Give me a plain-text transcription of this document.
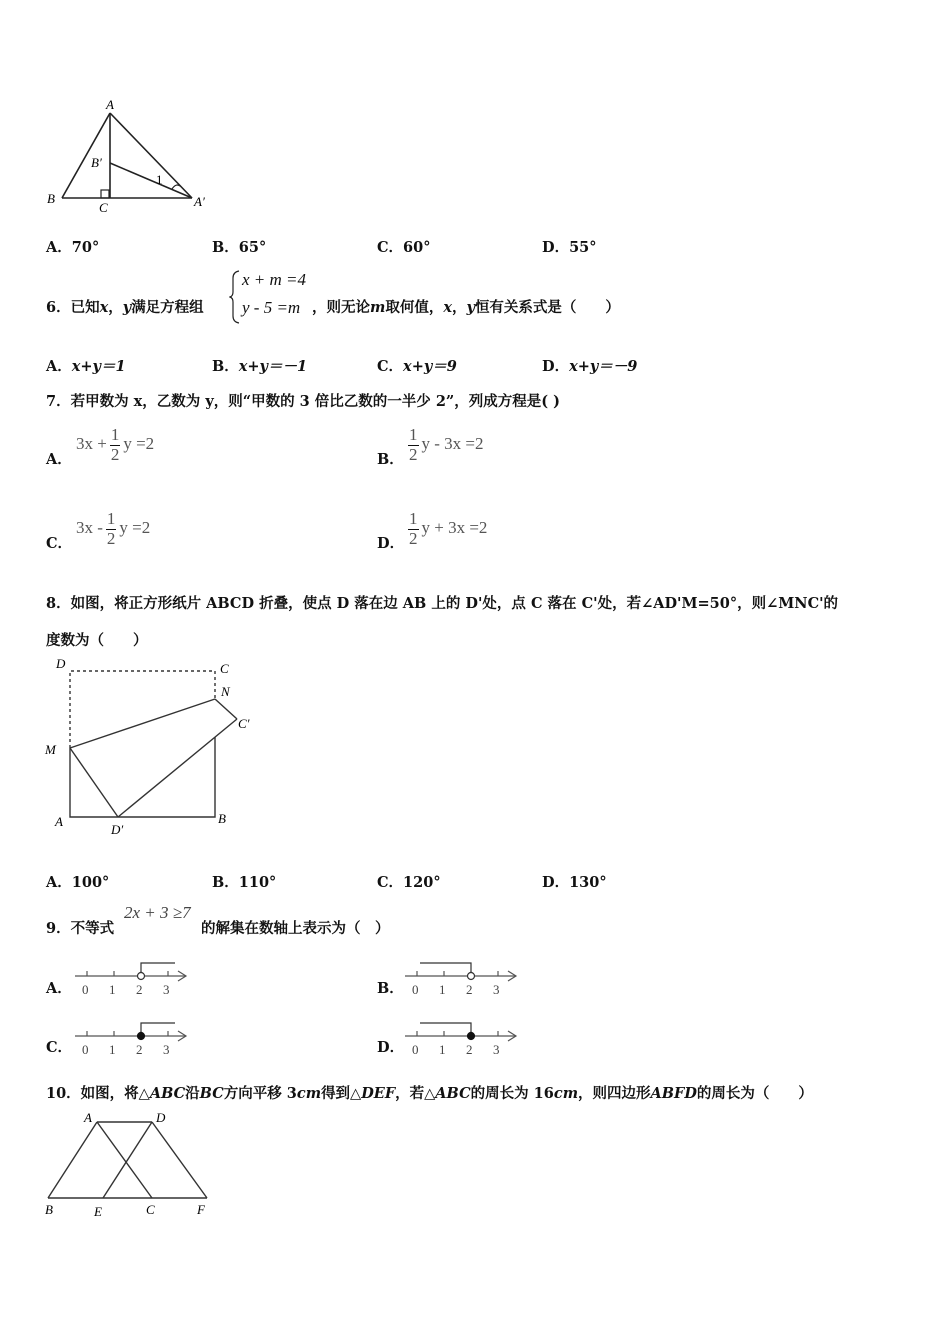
A
B
B′
C	A′
1
A．70°	B．65°	C．60°	D．55°
6．已知x，y满足方程组
x + m =4
y - 5 =m ，则无论m取何值，x，y恒有关系式是（　　）
A．x+y＝1	B．x+y＝－1	C．x+y＝9	D．x+y＝－9
7．若甲数为 x，乙数为 y，则“甲数的 3 倍比乙数的一半少 2”，列成方程是( )
A．
$3x + \frac{1}{2}$ y =2
B． $\frac{1}{2}$ y - 3x =2
C．
$3x - \frac{1}{2}$ y =2
D． $\frac{1}{2}$ y + 3x =2
8．如图，将正方形纸片 ABCD 折叠，使点 D 落在边 AB 上的 D'处，点 C 落在 C'处，若∠AD'M=50°，则∠MNC'的
度数为（　　）
D	C
N
C′
M
A
D′
B
A．100°	B．110°	C．120°	D．130°
9．不等式
2x + 3 ≥7
的解集在数轴上表示为（　）
A． 0 1 2 3	B． 0 1 2 3
C． 0 1 2 3	D． 0 1 2 3
10．如图，将△ABC沿BC方向平移 3cm得到△DEF，若△ABC的周长为 16cm，则四边形ABFD的周长为（　　）
A	D
B	E	C	F
